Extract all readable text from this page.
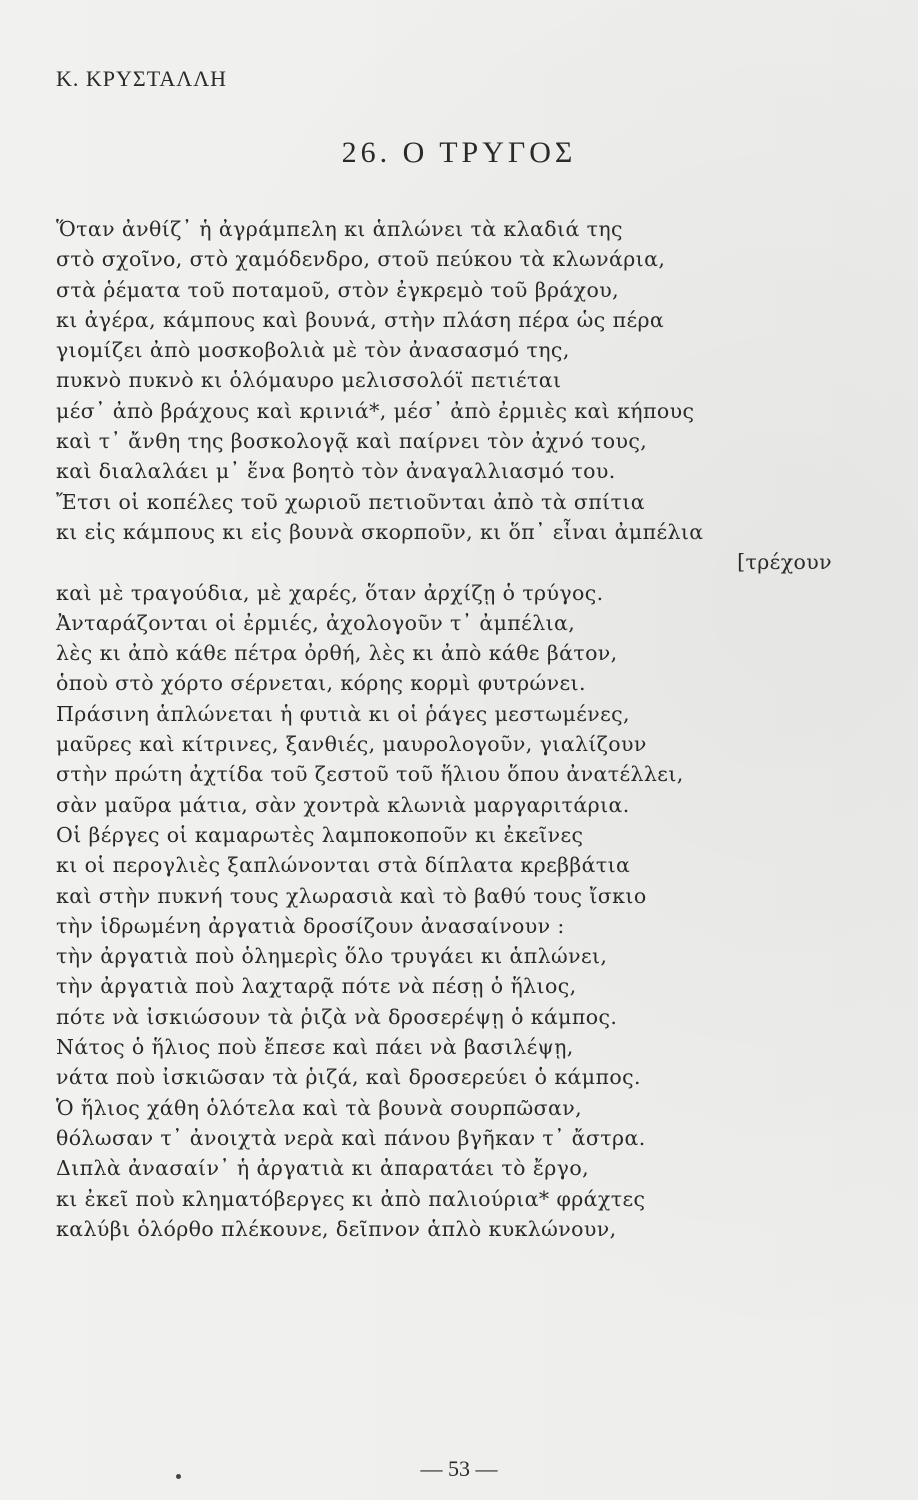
Κ. ΚΡΥΣΤΑΛΛΗ
26. Ο ΤΡΥΓΟΣ
Ὅταν ἀνθίζ᾽ ἡ ἀγράμπελη κι ἁπλώνει τὰ κλαδιά της
στὸ σχοῖνο, στὸ χαμόδενδρο, στοῦ πεύκου τὰ κλωνάρια,
στὰ ῥέματα τοῦ ποταμοῦ, στὸν ἐγκρεμὸ τοῦ βράχου,
κι ἀγέρα, κάμπους καὶ βουνά, στὴν πλάση πέρα ὡς πέρα
γιομίζει ἀπὸ μοσκοβολιὰ μὲ τὸν ἀνασασμό της,
πυκνὸ πυκνὸ κι ὁλόμαυρο μελισσολόϊ πετιέται
μέσ᾽ ἀπὸ βράχους καὶ κρινιά*, μέσ᾽ ἀπὸ ἐρμιὲς καὶ κήπους
καὶ τ᾽ ἄνθη της βοσκολογᾷ καὶ παίρνει τὸν ἀχνό τους,
καὶ διαλαλάει μ᾽ ἕνα βοητὸ τὸν ἀναγαλλιασμό του.
Ἔτσι οἱ κοπέλες τοῦ χωριοῦ πετιοῦνται ἀπὸ τὰ σπίτια
κι εἰς κάμπους κι εἰς βουνὰ σκορποῦν, κι ὅπ᾽ εἶναι ἀμπέλια
[τρέχουν
καὶ μὲ τραγούδια, μὲ χαρές, ὅταν ἀρχίζῃ ὁ τρύγος.
Ἀνταράζονται οἱ ἐρμιές, ἀχολογοῦν τ᾽ ἀμπέλια,
λὲς κι ἀπὸ κάθε πέτρα ὀρθή, λὲς κι ἀπὸ κάθε βάτον,
ὁποὺ στὸ χόρτο σέρνεται, κόρης κορμὶ φυτρώνει.
Πράσινη ἁπλώνεται ἡ φυτιὰ κι οἱ ῥάγες μεστωμένες,
μαῦρες καὶ κίτρινες, ξανθιές, μαυρολογοῦν, γιαλίζουν
στὴν πρώτη ἀχτίδα τοῦ ζεστοῦ τοῦ ἥλιου ὅπου ἀνατέλλει,
σὰν μαῦρα μάτια, σὰν χοντρὰ κλωνιὰ μαργαριτάρια.
Οἱ βέργες οἱ καμαρωτὲς λαμποκοποῦν κι ἐκεῖνες
κι οἱ περογλιὲς ξαπλώνονται στὰ δίπλατα κρεββάτια
καὶ στὴν πυκνή τους χλωρασιὰ καὶ τὸ βαθύ τους ἴσκιο
τὴν ἱδρωμένη ἀργατιὰ δροσίζουν ἀνασαίνουν :
τὴν ἀργατιὰ ποὺ ὁλημερὶς ὅλο τρυγάει κι ἁπλώνει,
τὴν ἀργατιὰ ποὺ λαχταρᾷ πότε νὰ πέσῃ ὁ ἥλιος,
πότε νὰ ἰσκιώσουν τὰ ῥιζὰ νὰ δροσερέψῃ ὁ κάμπος.
Νάτος ὁ ἥλιος ποὺ ἔπεσε καὶ πάει νὰ βασιλέψῃ,
νάτα ποὺ ἰσκιῶσαν τὰ ῥιζά, καὶ δροσερεύει ὁ κάμπος.
Ὁ ἥλιος χάθη ὁλότελα καὶ τὰ βουνὰ σουρπῶσαν,
θόλωσαν τ᾽ ἀνοιχτὰ νερὰ καὶ πάνου βγῆκαν τ᾽ ἄστρα.
Διπλὰ ἀνασαίν᾽ ἡ ἀργατιὰ κι ἀπαρατάει τὸ ἔργο,
κι ἐκεῖ ποὺ κληματόβεργες κι ἀπὸ παλιούρια* φράχτες
καλύβι ὁλόρθο πλέκουνε, δεῖπνον ἁπλὸ κυκλώνουν,
— 53 —
